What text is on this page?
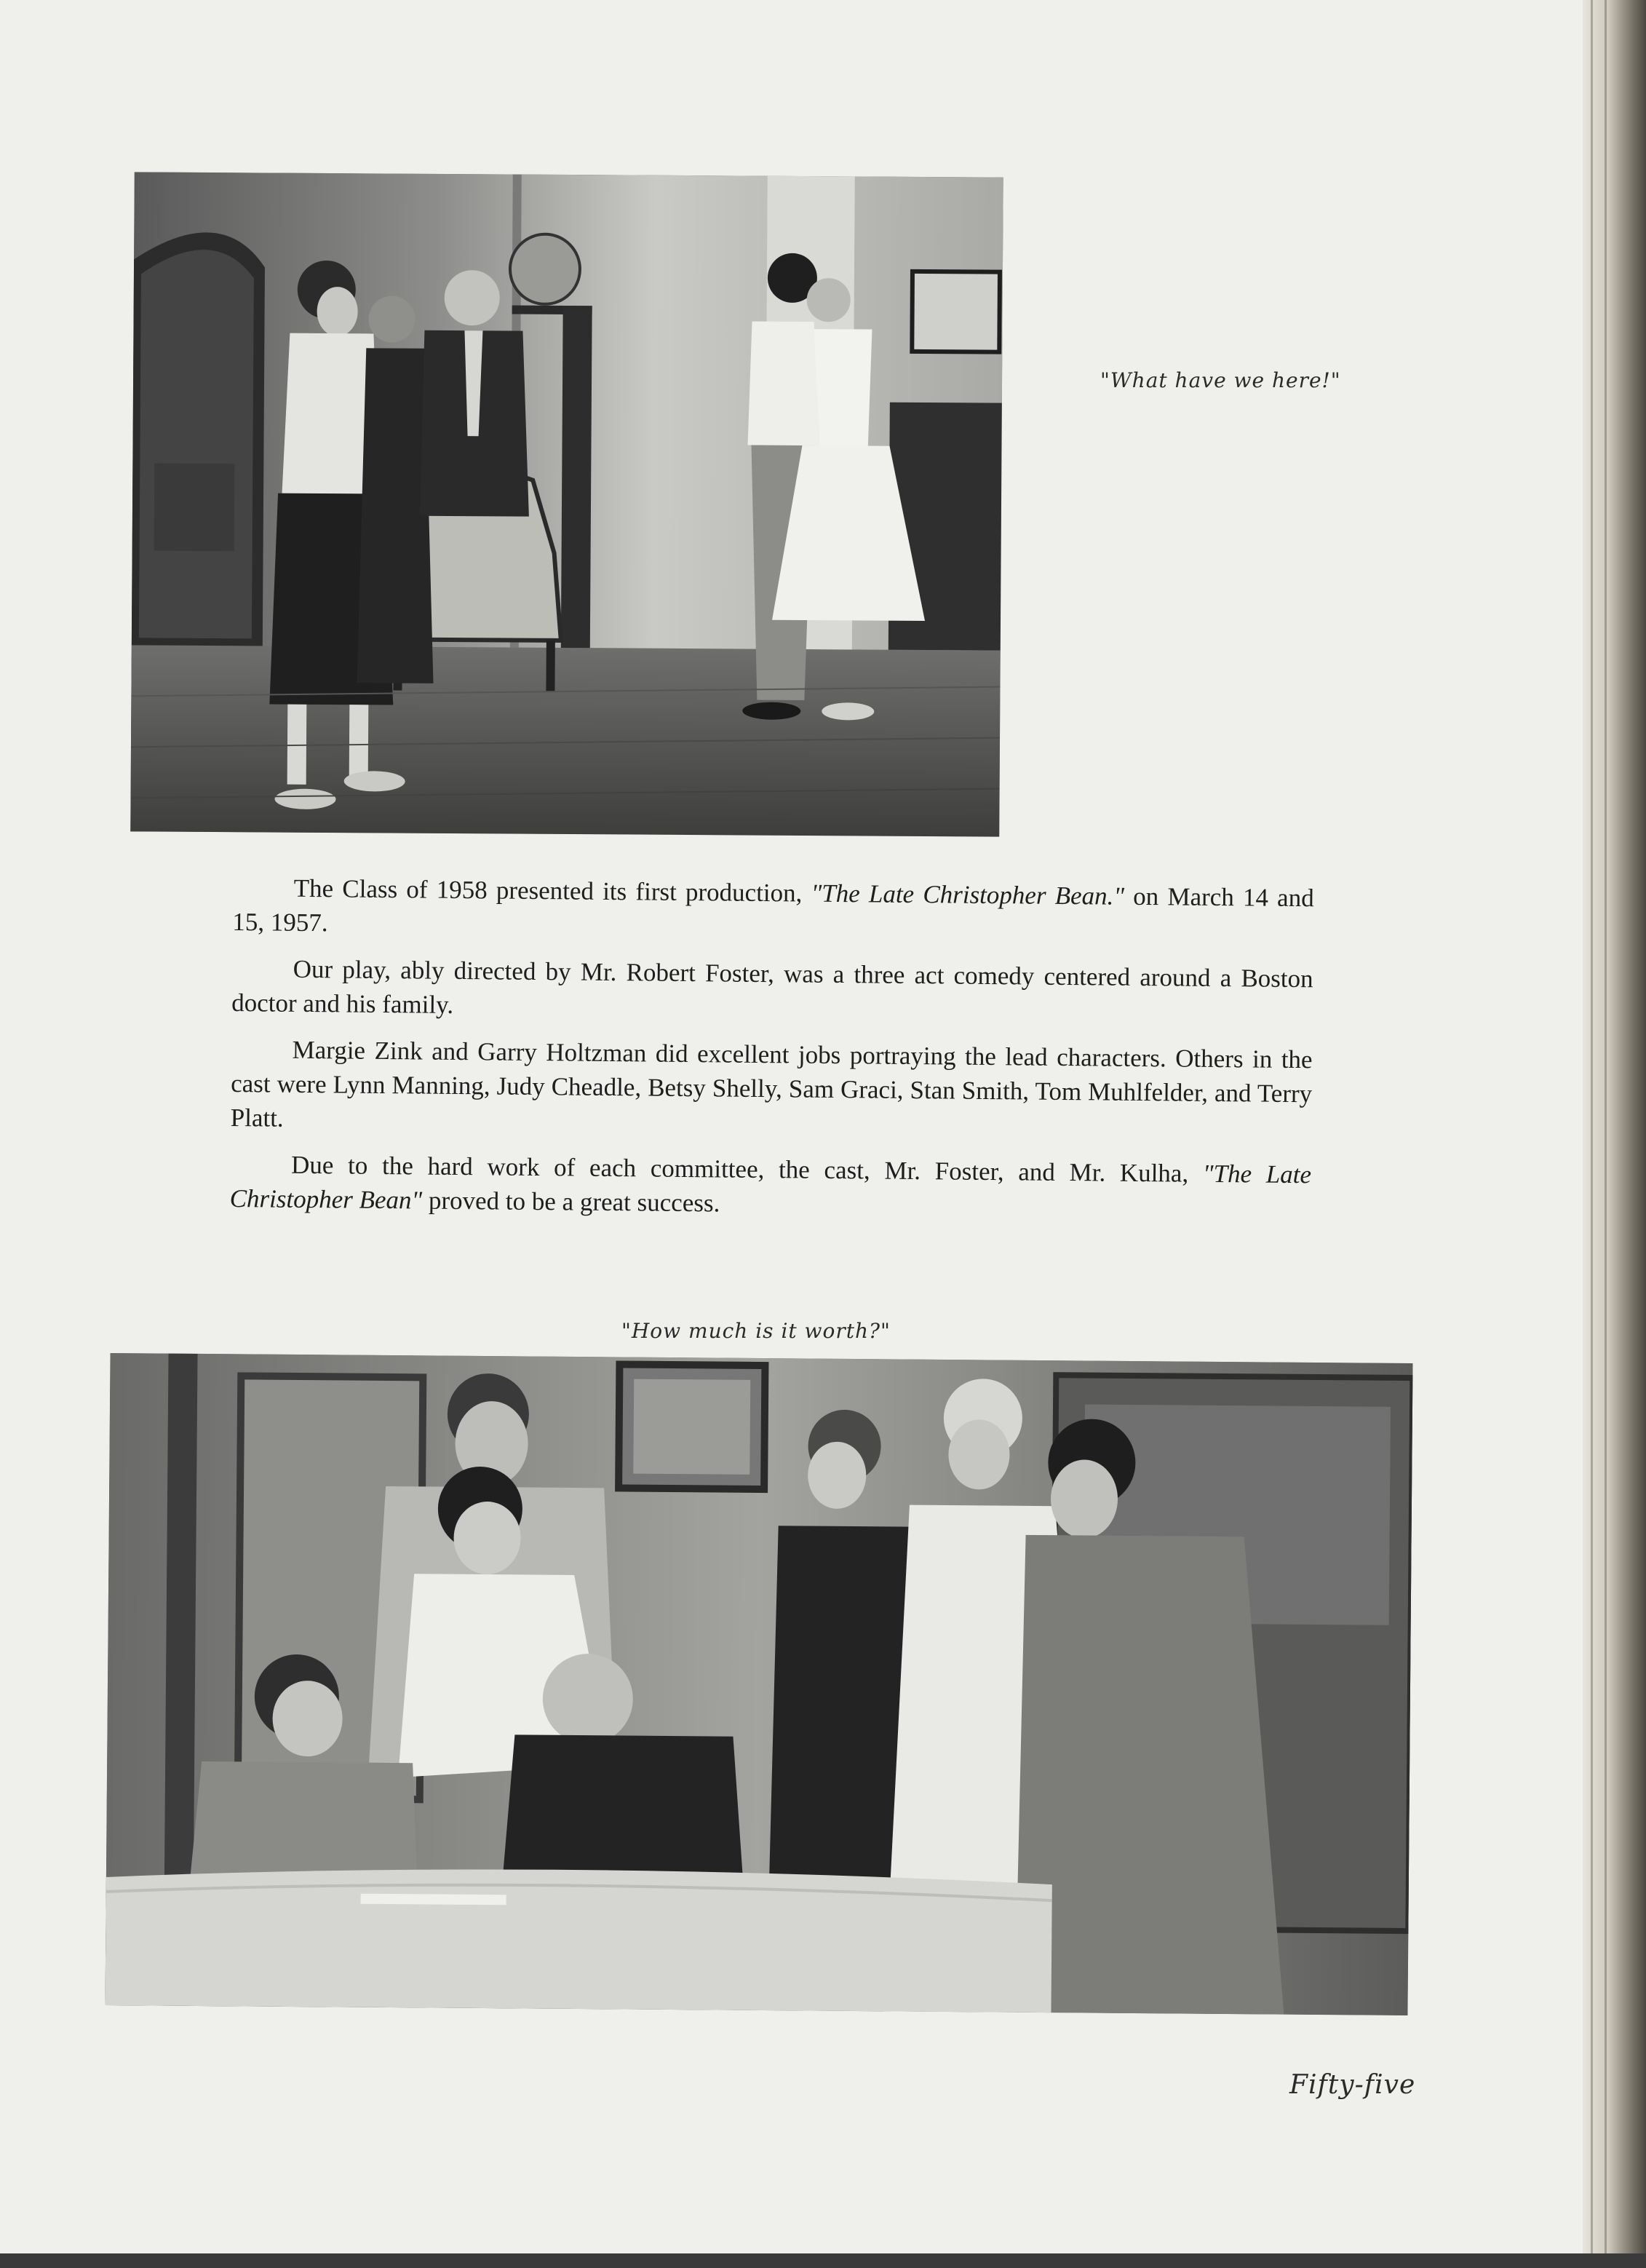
"What have we here!"

The Class of 1958 presented its first production, "The Late Christopher Bean." on March 14 and 15, 1957.

Our play, ably directed by Mr. Robert Foster, was a three act comedy centered around a Boston doctor and his family.

Margie Zink and Garry Holtzman did excellent jobs portraying the lead characters. Others in the cast were Lynn Manning, Judy Cheadle, Betsy Shelly, Sam Graci, Stan Smith, Tom Muhlfelder, and Terry Platt.

Due to the hard work of each committee, the cast, Mr. Foster, and Mr. Kulha, "The Late Christopher Bean" proved to be a great success.

"How much is it worth?"
Fifty-five
